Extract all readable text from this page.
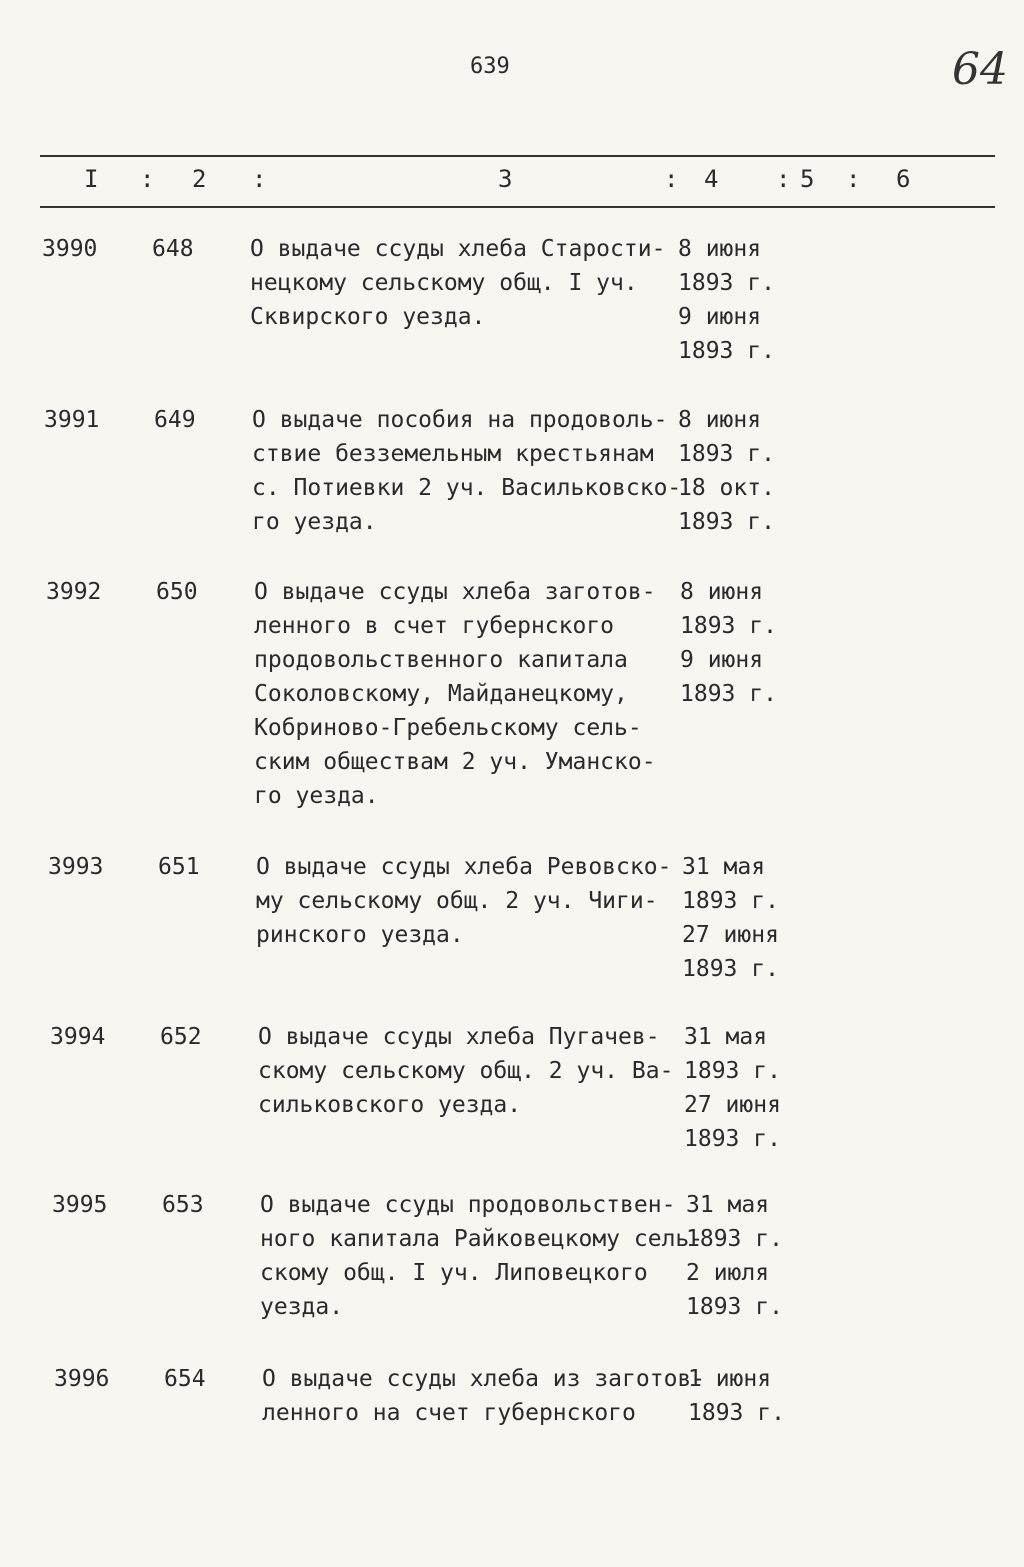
639	64
I : 2 :	3	: 4 : 5 : 6
3990 648 О выдаче ссуды хлеба Старости-
нецкому сельскому общ. I уч.
Сквирского уезда.
8 июня
1893 г.
9 июня
1893 г.
3991 649 О выдаче пособия на продоволь-
ствие безземельным крестьянам
с. Потиевки 2 уч. Васильковско-
го уезда.
8 июня
1893 г.
18 окт.
1893 г.
3992 650 О выдаче ссуды хлеба заготов-
ленного в счет губернского
продовольственного капитала
Соколовскому, Майданецкому,
Кобриново-Гребельскому сель-
ским обществам 2 уч. Уманско-
го уезда.
8 июня
1893 г.
9 июня
1893 г.
3993 651 О выдаче ссуды хлеба Ревовско-
му сельскому общ. 2 уч. Чиги-
ринского уезда.
31 мая
1893 г.
27 июня
1893 г.
3994 652 О выдаче ссуды хлеба Пугачев-
скому сельскому общ. 2 уч. Ва-
сильковского уезда.
31 мая
1893 г.
27 июня
1893 г.
3995 653 О выдаче ссуды продовольствен-
ного капитала Райковецкому сель-
скому общ. I уч. Липовецкого
уезда.
31 мая
1893 г.
2 июля
1893 г.
3996 654 О выдаче ссуды хлеба из заготов-
ленного на счет губернского
1 июня
1893 г.
